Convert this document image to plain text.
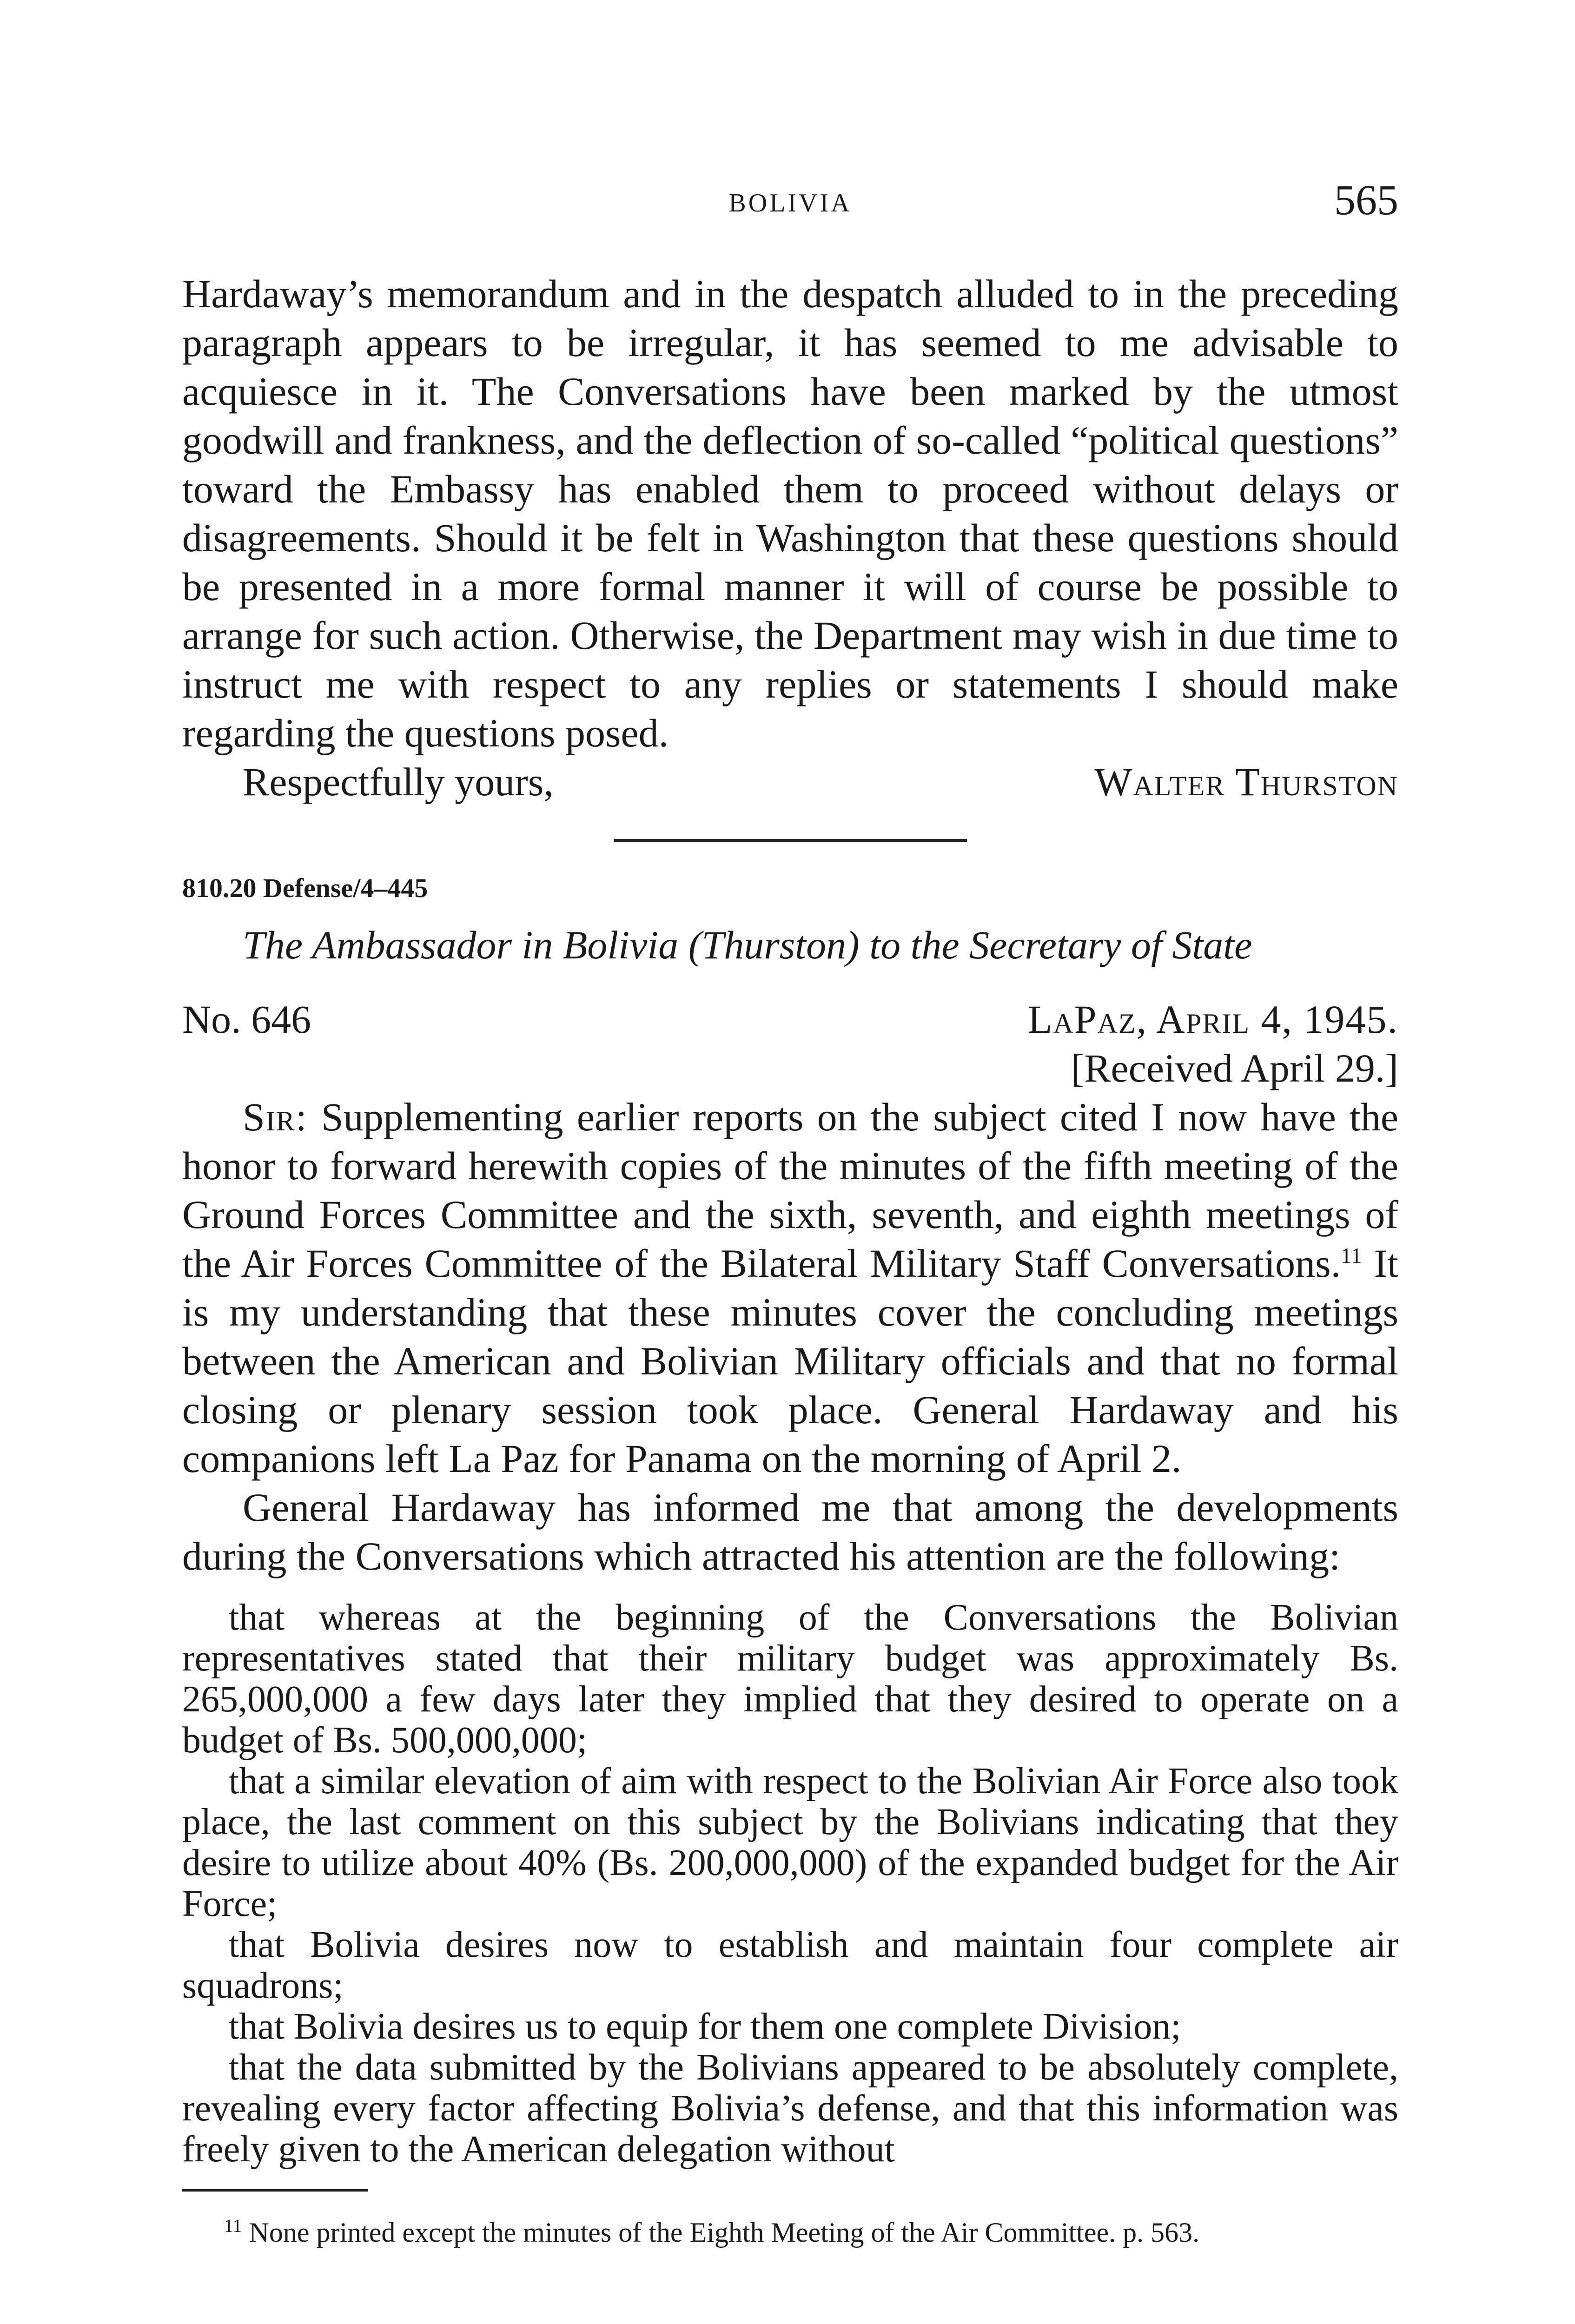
BOLIVIA	565

Hardaway’s memorandum and in the despatch alluded to in the preceding paragraph appears to be irregular, it has seemed to me advisable to acquiesce in it. The Conversations have been marked by the utmost goodwill and frankness, and the deflection of so-called “political questions” toward the Embassy has enabled them to proceed without delays or disagreements. Should it be felt in Washington that these questions should be presented in a more formal manner it will of course be possible to arrange for such action. Otherwise, the Department may wish in due time to instruct me with respect to any replies or statements I should make regarding the questions posed.

Respectfully yours,	Walter Thurston
810.20 Defense/4–445
The Ambassador in Bolivia (Thurston) to the Secretary of State
No. 646	LaPaz, April 4, 1945.
[Received April 29.]

Sir: Supplementing earlier reports on the subject cited I now have the honor to forward herewith copies of the minutes of the fifth meeting of the Ground Forces Committee and the sixth, seventh, and eighth meetings of the Air Forces Committee of the Bilateral Military Staff Conversations.$^{11}$ It is my understanding that these minutes cover the concluding meetings between the American and Bolivian Military officials and that no formal closing or plenary session took place. General Hardaway and his companions left La Paz for Panama on the morning of April 2.

General Hardaway has informed me that among the developments during the Conversations which attracted his attention are the following:

that whereas at the beginning of the Conversations the Bolivian representatives stated that their military budget was approximately Bs. 265,000,000 a few days later they implied that they desired to operate on a budget of Bs. 500,000,000;

that a similar elevation of aim with respect to the Bolivian Air Force also took place, the last comment on this subject by the Bolivians indicating that they desire to utilize about 40% (Bs. 200,000,000) of the expanded budget for the Air Force;

that Bolivia desires now to establish and maintain four complete air squadrons;

that Bolivia desires us to equip for them one complete Division;

that the data submitted by the Bolivians appeared to be absolutely complete, revealing every factor affecting Bolivia’s defense, and that this information was freely given to the American delegation without

$^{11}$ None printed except the minutes of the Eighth Meeting of the Air Committee. p. 563.
